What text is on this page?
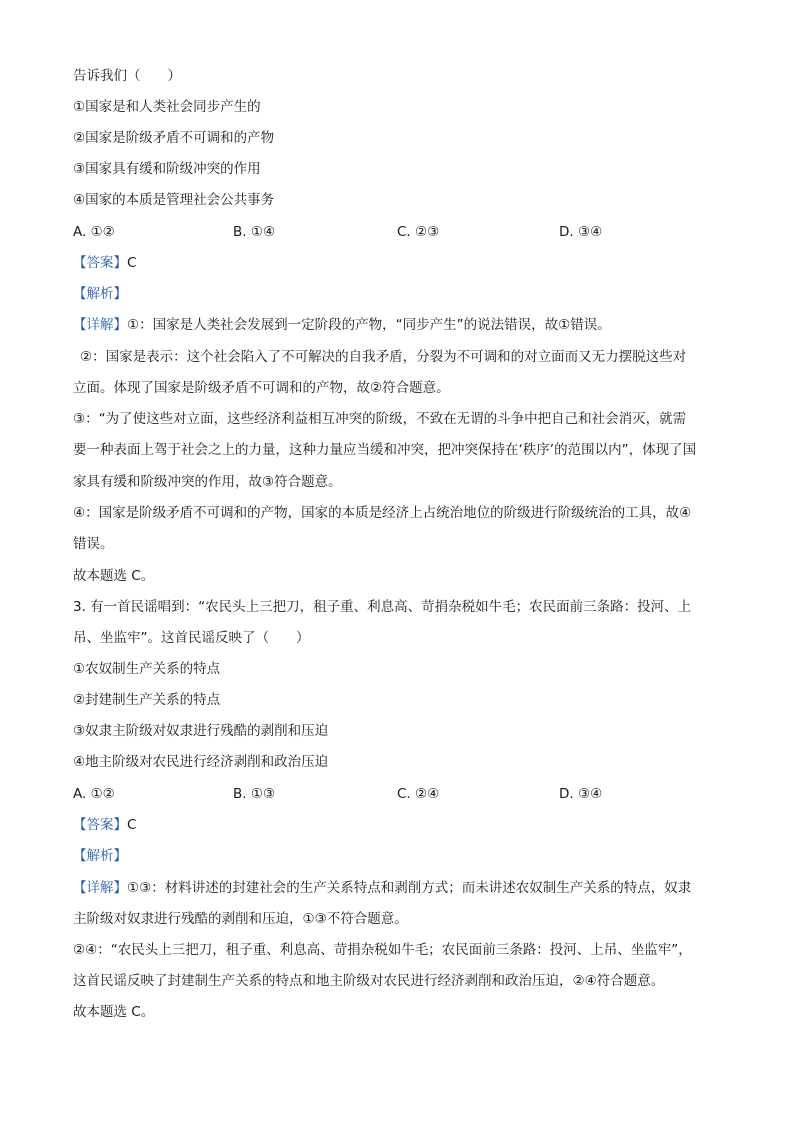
告诉我们（　　）
①国家是和人类社会同步产生的
②国家是阶级矛盾不可调和的产物
③国家具有缓和阶级冲突的作用
④国家的本质是管理社会公共事务
A. ①②	B. ①④	C. ②③	D. ③④
【答案】C
【解析】
【详解】①：国家是人类社会发展到一定阶段的产物，“同步产生”的说法错误，故①错误。
②：国家是表示：这个社会陷入了不可解决的自我矛盾，分裂为不可调和的对立面而又无力摆脱这些对
立面。体现了国家是阶级矛盾不可调和的产物，故②符合题意。
③：“为了使这些对立面，这些经济利益相互冲突的阶级，不致在无谓的斗争中把自己和社会消灭，就需
要一种表面上驾于社会之上的力量，这种力量应当缓和冲突，把冲突保持在‘秩序’的范围以内”，体现了国
家具有缓和阶级冲突的作用，故③符合题意。
④：国家是阶级矛盾不可调和的产物，国家的本质是经济上占统治地位的阶级进行阶级统治的工具，故④
错误。
故本题选 C。
3. 有一首民谣唱到：“农民头上三把刀，租子重、利息高、苛捐杂税如牛毛；农民面前三条路：投河、上
吊、坐监牢”。这首民谣反映了（　　）
①农奴制生产关系的特点
②封建制生产关系的特点
③奴隶主阶级对奴隶进行残酷的剥削和压迫
④地主阶级对农民进行经济剥削和政治压迫
A. ①②	B. ①③	C. ②④	D. ③④
【答案】C
【解析】
【详解】①③：材料讲述的封建社会的生产关系特点和剥削方式；而未讲述农奴制生产关系的特点，奴隶
主阶级对奴隶进行残酷的剥削和压迫，①③不符合题意。
②④：“农民头上三把刀，租子重、利息高、苛捐杂税如牛毛；农民面前三条路：投河、上吊、坐监牢”，
这首民谣反映了封建制生产关系的特点和地主阶级对农民进行经济剥削和政治压迫，②④符合题意。
故本题选 C。
